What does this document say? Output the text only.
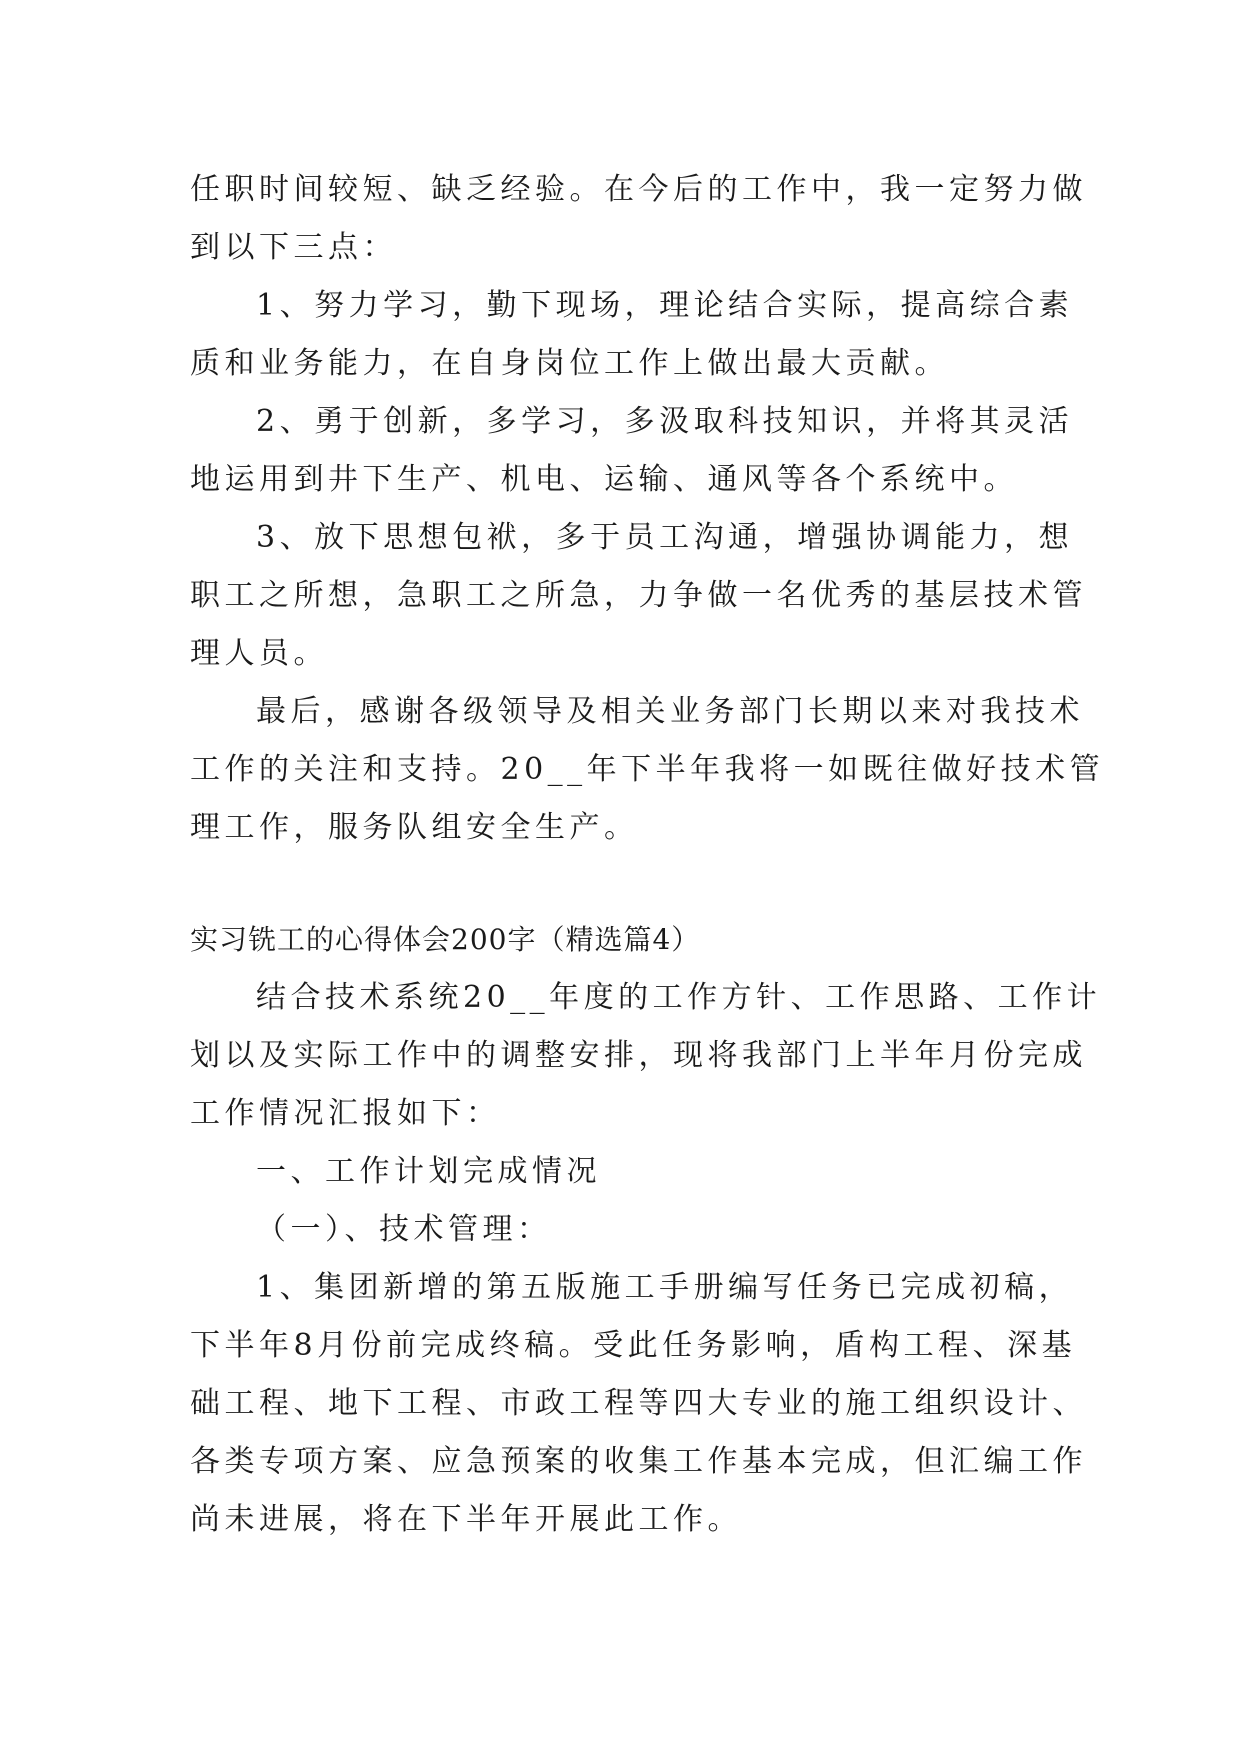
任职时间较短、缺乏经验。在今后的工作中，我一定努力做
到以下三点：
1、努力学习，勤下现场，理论结合实际，提高综合素
质和业务能力，在自身岗位工作上做出最大贡献。
2、勇于创新，多学习，多汲取科技知识，并将其灵活
地运用到井下生产、机电、运输、通风等各个系统中。
3、放下思想包袱，多于员工沟通，增强协调能力，想
职工之所想，急职工之所急，力争做一名优秀的基层技术管
理人员。
最后，感谢各级领导及相关业务部门长期以来对我技术
工作的关注和支持。20__年下半年我将一如既往做好技术管
理工作，服务队组安全生产。
实习铣工的心得体会200字（精选篇4）
结合技术系统20__年度的工作方针、工作思路、工作计
划以及实际工作中的调整安排，现将我部门上半年月份完成
工作情况汇报如下：
一、工作计划完成情况
（一）、技术管理：
1、集团新增的第五版施工手册编写任务已完成初稿，
下半年8月份前完成终稿。受此任务影响，盾构工程、深基
础工程、地下工程、市政工程等四大专业的施工组织设计、
各类专项方案、应急预案的收集工作基本完成，但汇编工作
尚未进展，将在下半年开展此工作。
